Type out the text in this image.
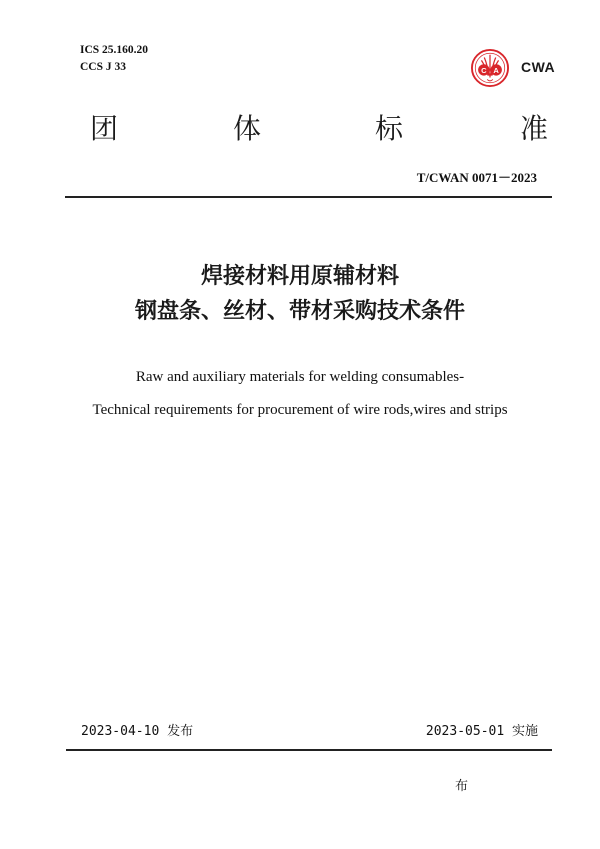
ICS 25.160.20
CCS J 33	C A CWA
团	体	标	准
T/CWAN 0071－2023
焊接材料用原辅材料
钢盘条、丝材、带材采购技术条件
Raw and auxiliary materials for welding consumables-
Technical requirements for procurement of wire rods,wires and strips
2023-04-10 发布	2023-05-01 实施
布
